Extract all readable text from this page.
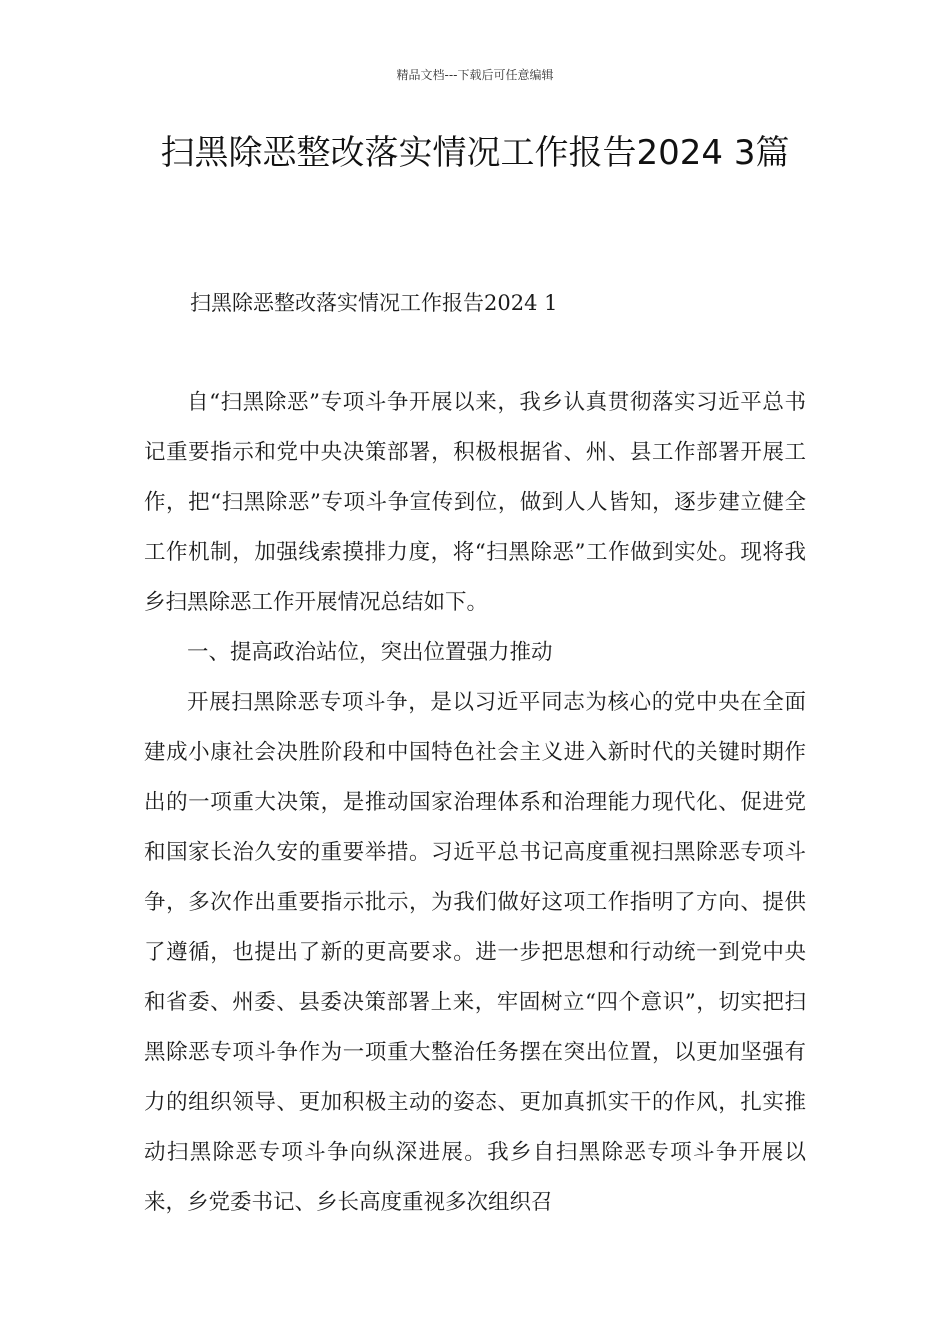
精品文档---下载后可任意编辑
扫黑除恶整改落实情况工作报告2024 3篇
扫黑除恶整改落实情况工作报告2024 1

自“扫黑除恶”专项斗争开展以来，我乡认真贯彻落实习近平总书记重要指示和党中央决策部署，积极根据省、州、县工作部署开展工作，把“扫黑除恶”专项斗争宣传到位，做到人人皆知，逐步建立健全工作机制，加强线索摸排力度，将“扫黑除恶”工作做到实处。现将我乡扫黑除恶工作开展情况总结如下。

一、提高政治站位，突出位置强力推动

开展扫黑除恶专项斗争，是以习近平同志为核心的党中央在全面建成小康社会决胜阶段和中国特色社会主义进入新时代的关键时期作出的一项重大决策，是推动国家治理体系和治理能力现代化、促进党和国家长治久安的重要举措。习近平总书记高度重视扫黑除恶专项斗争，多次作出重要指示批示，为我们做好这项工作指明了方向、提供了遵循，也提出了新的更高要求。进一步把思想和行动统一到党中央和省委、州委、县委决策部署上来，牢固树立“四个意识”，切实把扫黑除恶专项斗争作为一项重大整治任务摆在突出位置，以更加坚强有力的组织领导、更加积极主动的姿态、更加真抓实干的作风，扎实推动扫黑除恶专项斗争向纵深进展。我乡自扫黑除恶专项斗争开展以来，乡党委书记、乡长高度重视多次组织召
